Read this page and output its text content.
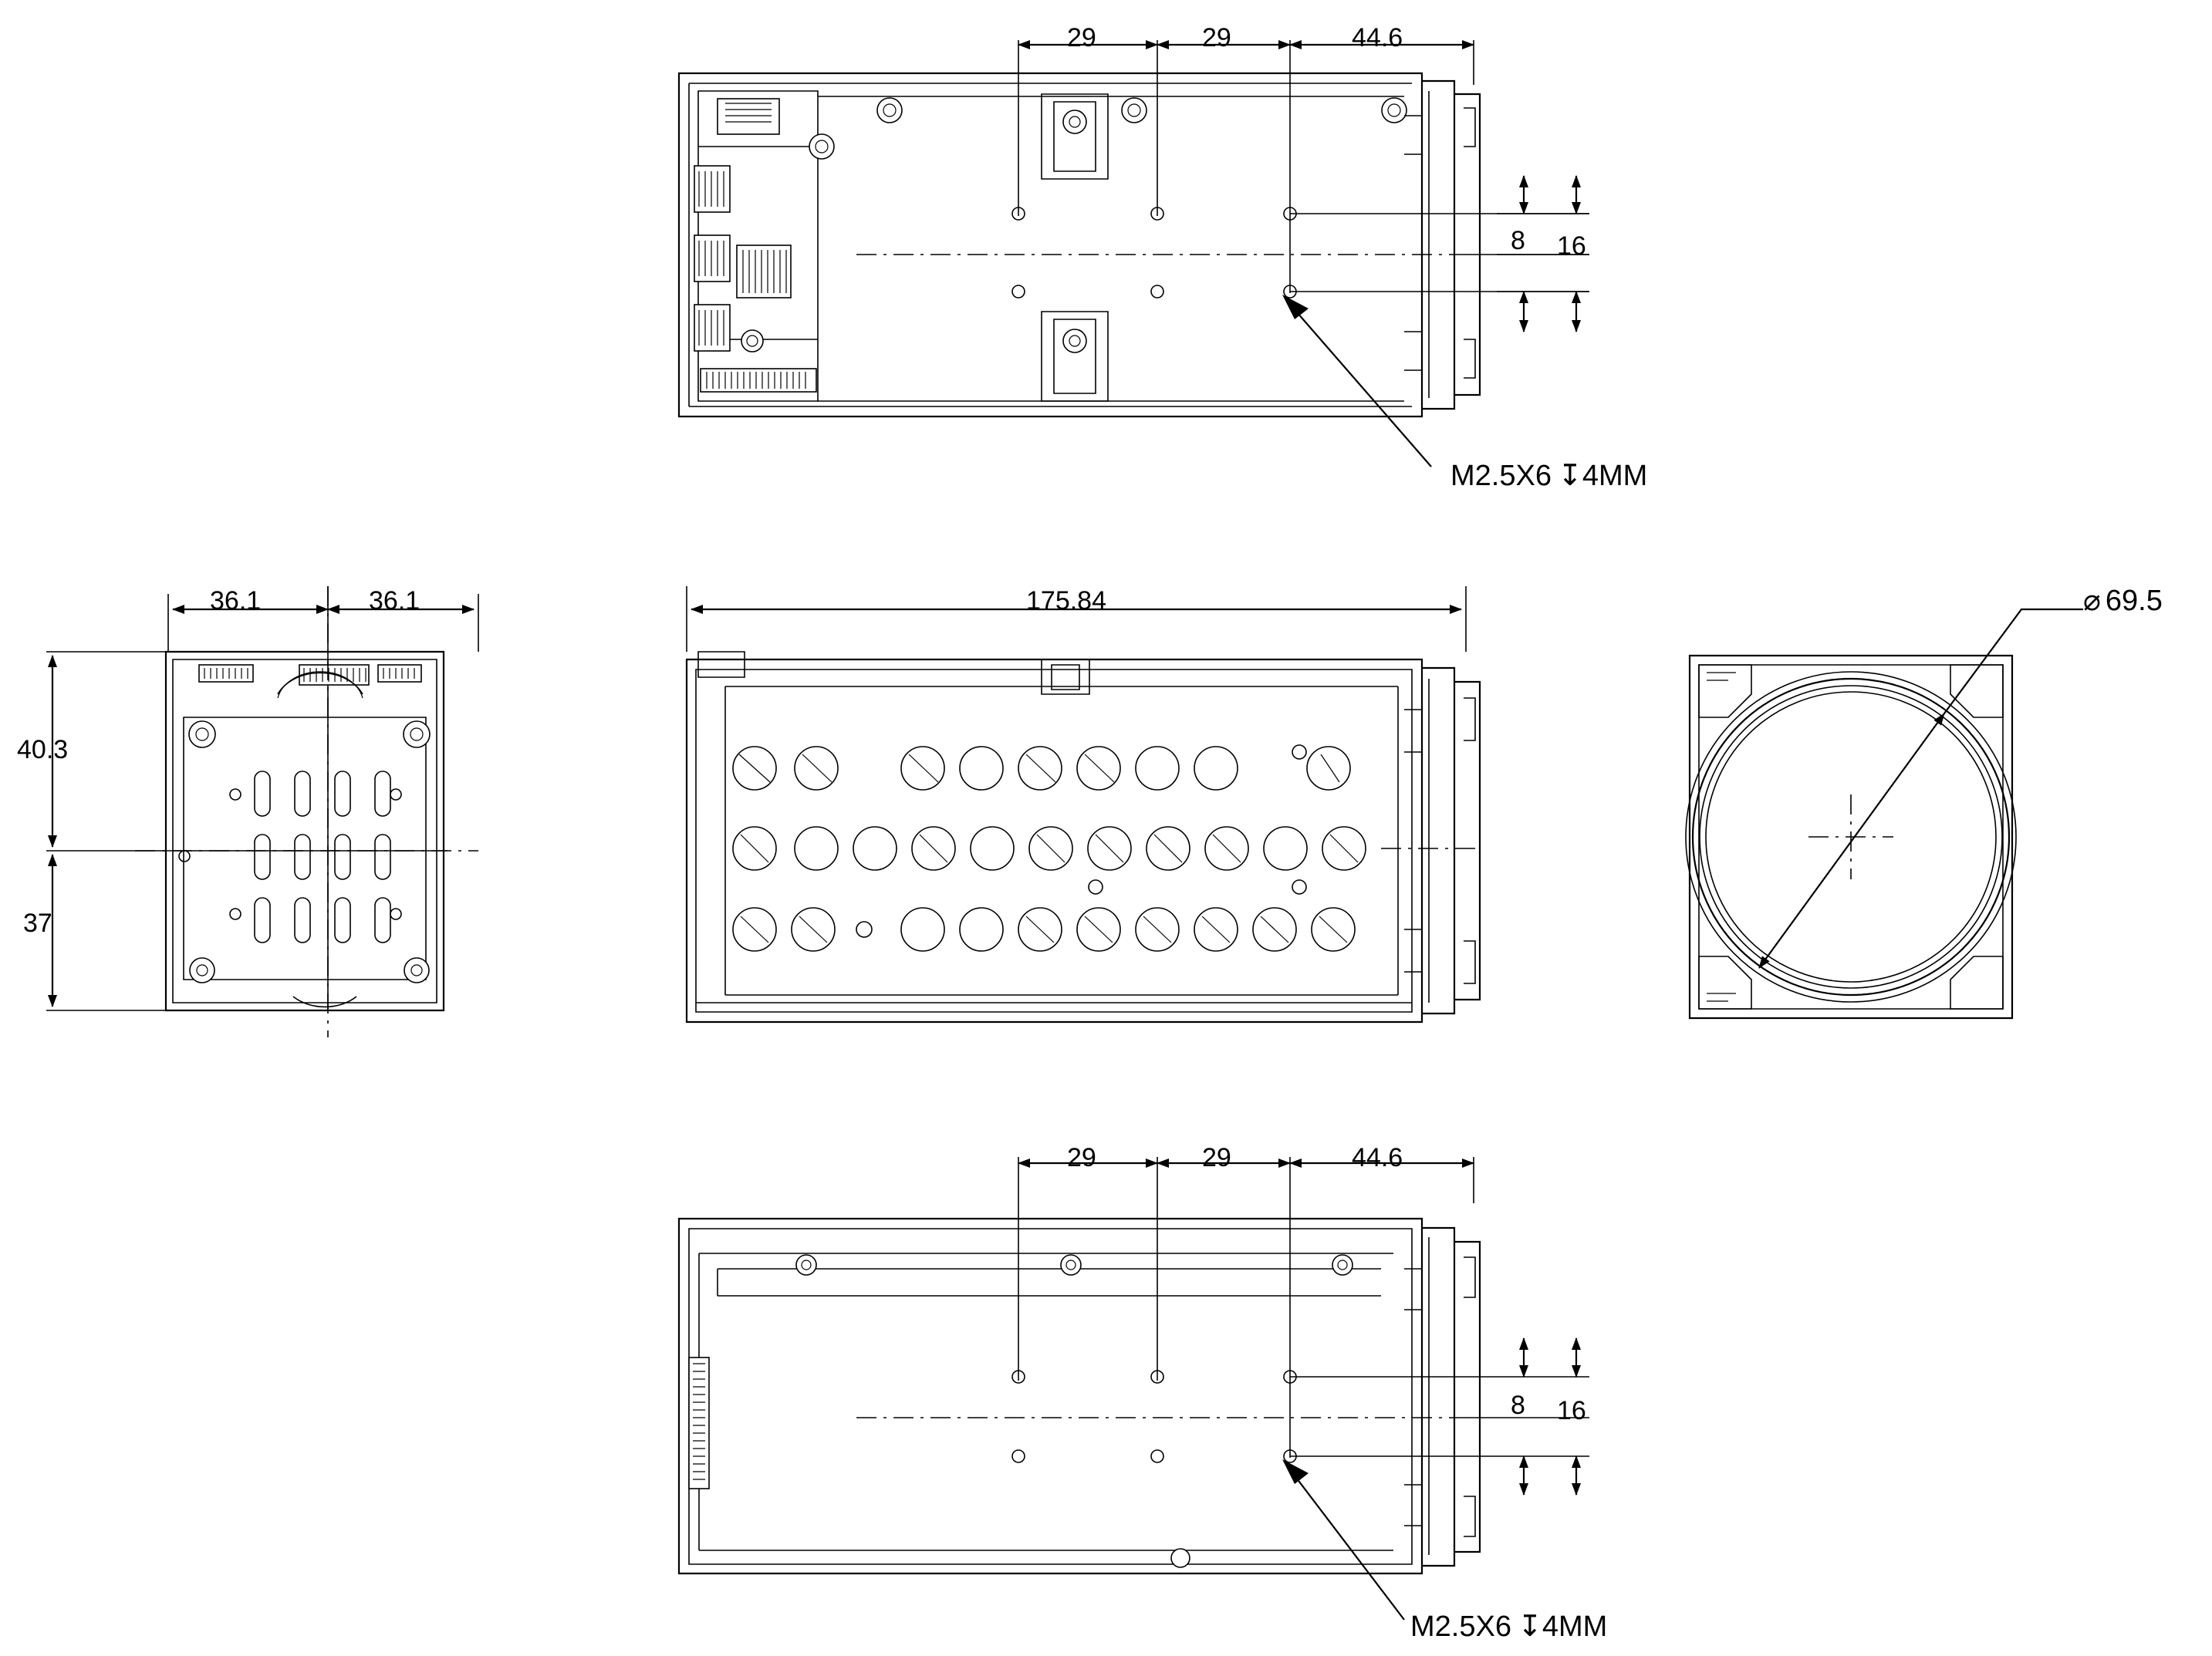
29	29	44.6
8 16
M2.5X6 ↧4MM
36.1	36.1
40.3
37
175.84	⌀ 69.5
29	29	44.6
8 16
M2.5X6 ↧4MM
